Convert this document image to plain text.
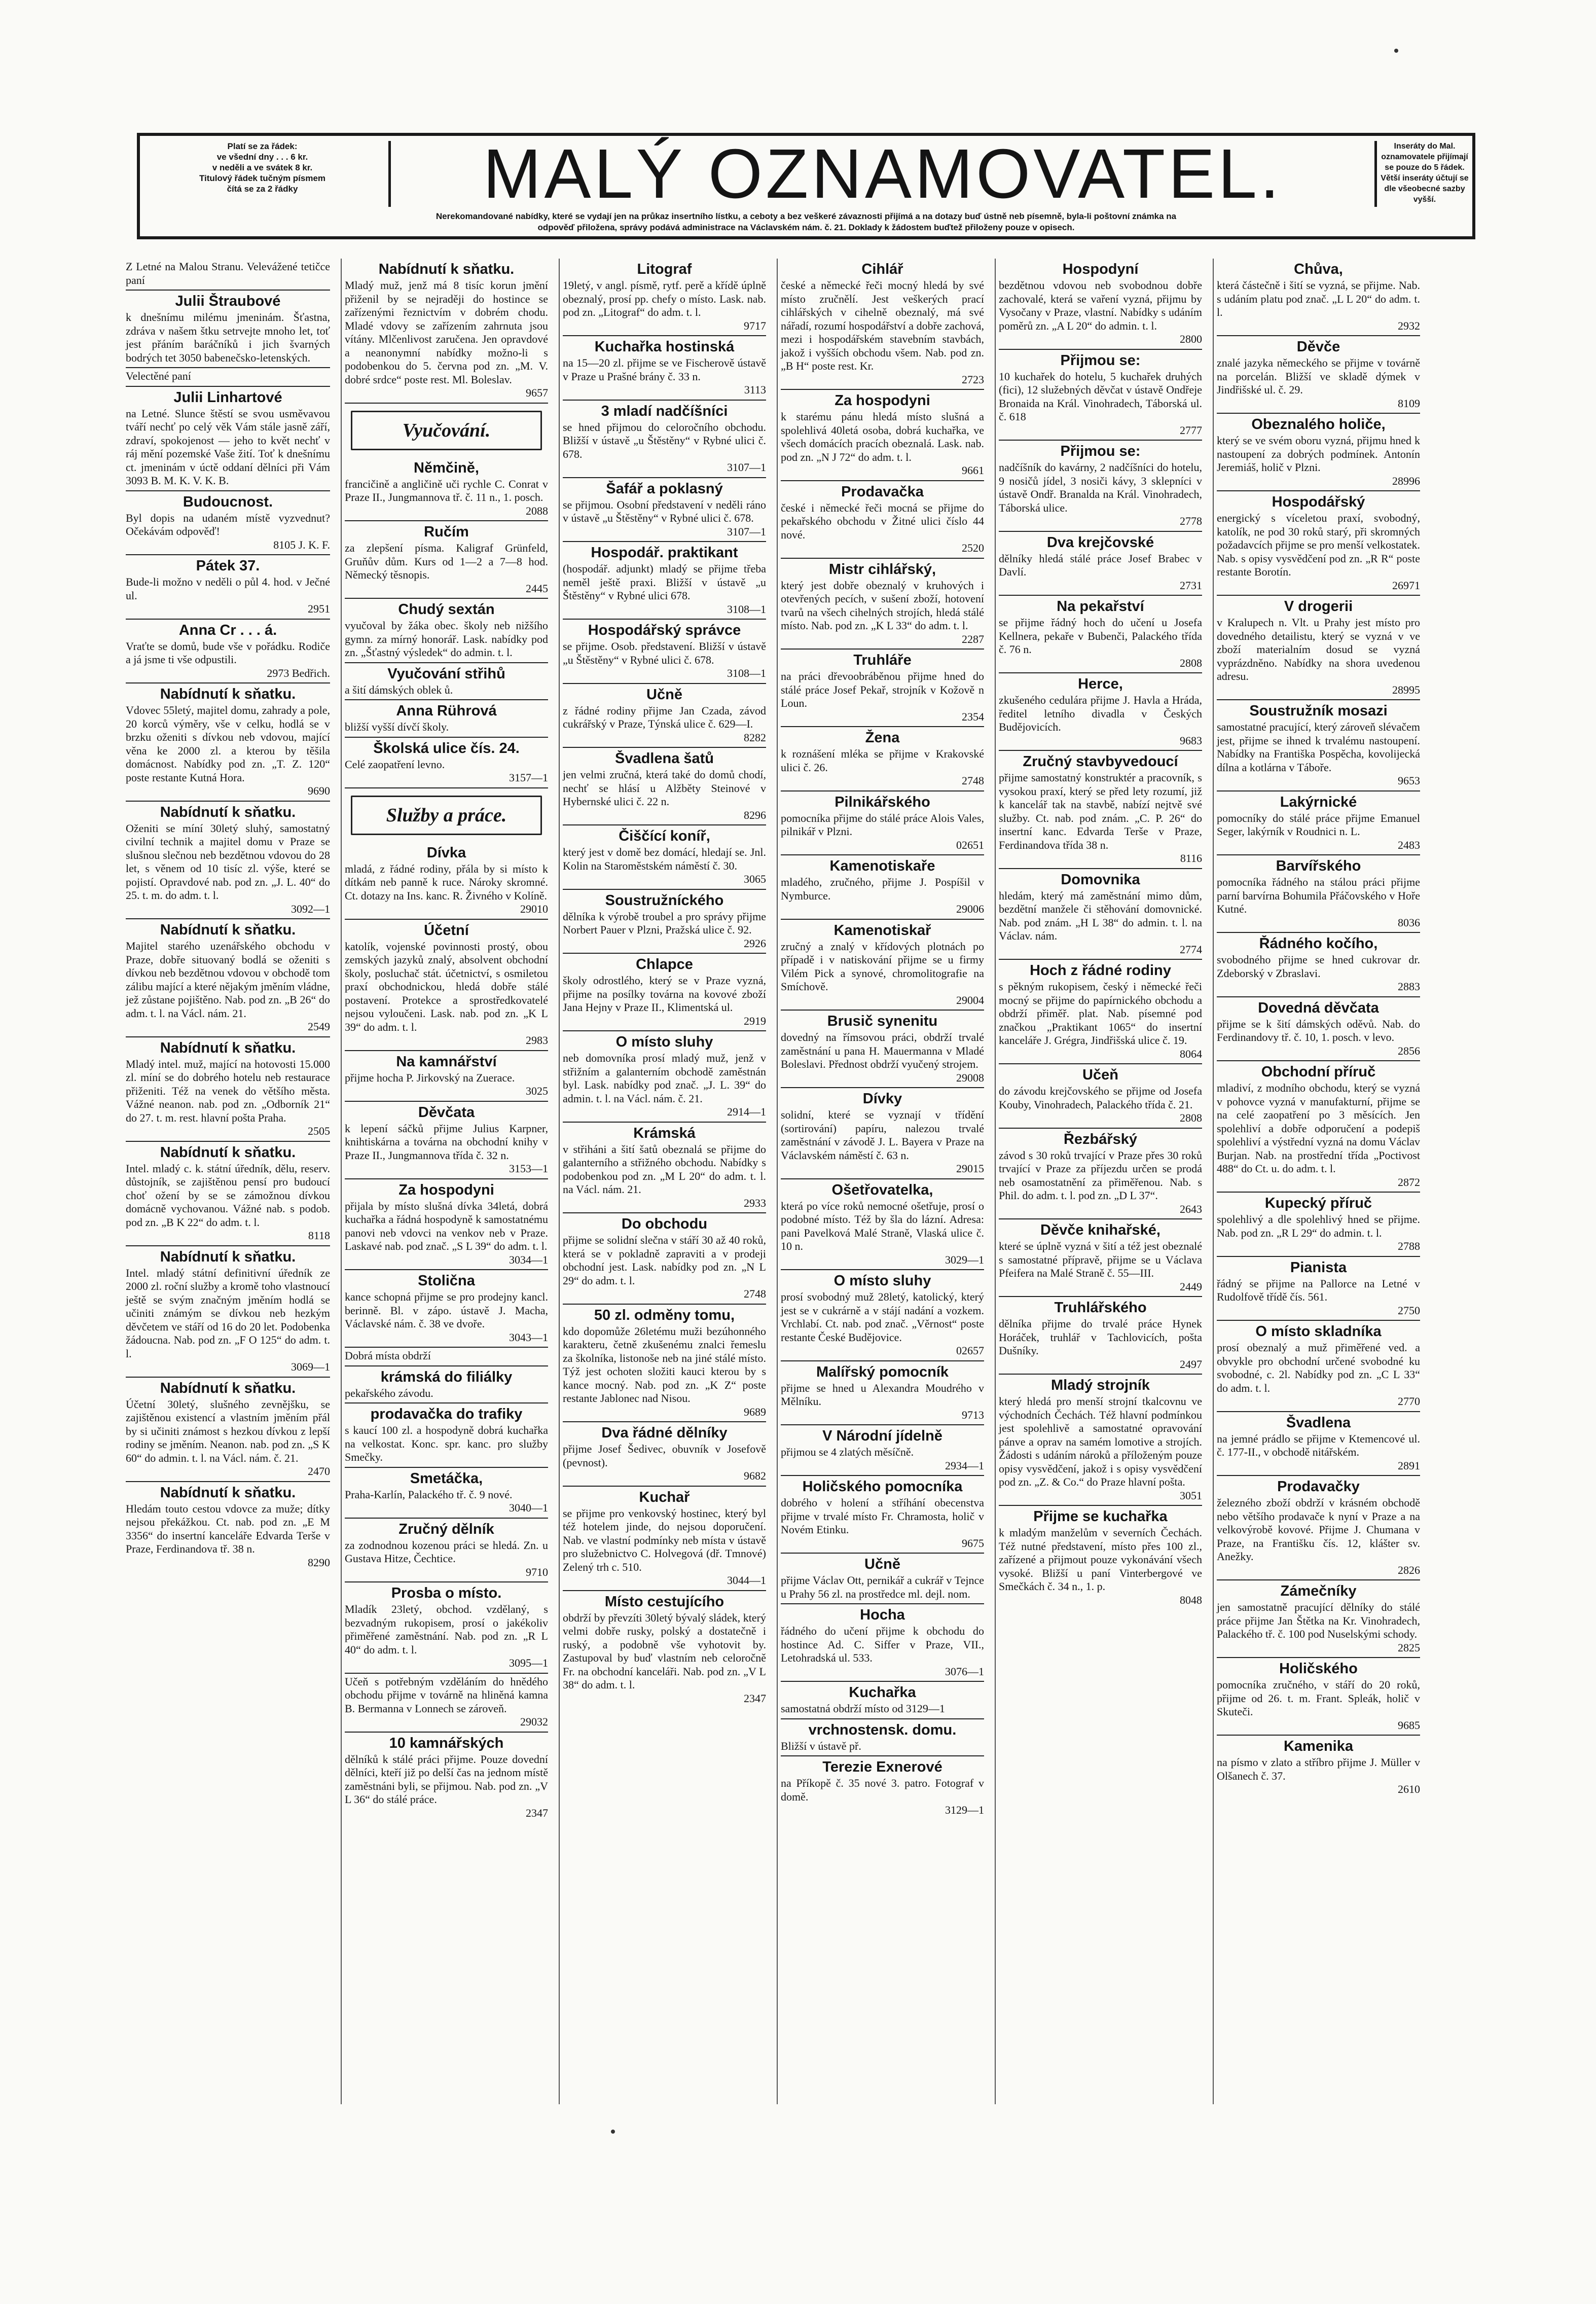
Platí se za řádek:
ve všední dny . . . 6 kr.
v neděli a ve svátek 8 kr.
Titulový řádek tučným písmem
čítá se za 2 řádky	MALÝ OZNAMOVATEL.	Inseráty do Mal. oznamovatele přijímají se pouze do 5 řádek.
Větší inseráty účtují se dle všeobecné sazby vyšší.
Nerekomandované nabídky, které se vydají jen na průkaz insertního lístku, a ceboty a bez veškeré závaznosti přijímá a na dotazy buď ústně neb písemně, byla-li poštovní známka na
odpověď přiložena, správy podává administrace na Václavském nám. č. 21. Doklady k žádostem buďtež přiloženy pouze v opisech.
Z Letné na Malou Stranu. Velevážené tetičce paní
Julii Štraubové
k dnešnímu milému jmeninám. Šťastna, zdráva v našem štku setrvejte mnoho let, toť jest přáním baráčníků i jich švarných bodrých tet 3050 babenečsko-letenských.
Velectěné paní
Julii Linhartové
na Letné. Slunce štěstí se svou usměvavou tváří nechť po celý věk Vám stále jasně září, zdraví, spokojenost — jeho to květ nechť v ráj mění pozemské Vaše žití. Toť k dnešnímu ct. jmeninám v úctě oddaní dělníci při Vám 3093 B. M. K. V. K. B.
Budoucnost.
Byl dopis na udaném místě vyzvednut? Očekávám odpověď!
8105 J. K. F.
Pátek 37.
Bude-li možno v neděli o půl 4. hod. v Ječné ul.
2951
Anna Cr . . . á.
Vraťte se domů, bude vše v pořádku. Rodiče a já jsme ti vše odpustili.
2973 Bedřich.
Nabídnutí k sňatku.
Vdovec 55letý, majitel domu, zahrady a pole, 20 korců výměry, vše v celku, hodlá se v brzku oženiti s dívkou neb vdovou, mající věna ke 2000 zl. a kterou by těšila domácnost. Nabídky pod zn. „T. Z. 120“ poste restante Kutná Hora.
9690
Nabídnutí k sňatku.
Oženiti se míní 30letý sluhý, samostatný civilní technik a majitel domu v Praze se slušnou slečnou neb bezdětnou vdovou do 28 let, s věnem od 10 tisíc zl. výše, které se pojistí. Opravdové nab. pod zn. „J. L. 40“ do 25. t. m. do adm. t. l.
3092—1
Nabídnutí k sňatku.
Majitel starého uzenářského obchodu v Praze, dobře situovaný bodlá se oženiti s dívkou neb bezdětnou vdovou v obchodě tom zálibu mající a které nějakým jměním vládne, jež zůstane pojištěno. Nab. pod zn. „B 26“ do adm. t. l. na Václ. nám. 21.
2549
Nabídnutí k sňatku.
Mladý intel. muž, mající na hotovosti 15.000 zl. míní se do dobrého hotelu neb restaurace přiženiti. Též na venek do většího města. Vážné neanon. nab. pod zn. „Odborník 21“ do 27. t. m. rest. hlavní pošta Praha.
2505
Nabídnutí k sňatku.
Intel. mladý c. k. státní úředník, dělu, reserv. důstojník, se zajištěnou pensí pro budoucí choť ožení by se se zámožnou dívkou domácně vychovanou. Vážné nab. s podob. pod zn. „B K 22“ do adm. t. l.
8118
Nabídnutí k sňatku.
Intel. mladý státní definitivní úředník ze 2000 zl. roční služby a kromě toho vlastnoucí ještě se svým značným jměním hodlá se učiniti známým se dívkou neb hezkým děvčetem ve stáří od 16 do 20 let. Podobenka žádoucna. Nab. pod zn. „F O 125“ do adm. t. l.
3069—1
Nabídnutí k sňatku.
Účetní 30letý, slušného zevnějšku, se zajištěnou existencí a vlastním jměním přál by si učiniti známost s hezkou dívkou z lepší rodiny se jměním. Neanon. nab. pod zn. „S K 60“ do admin. t. l. na Václ. nám. č. 21.
2470
Nabídnutí k sňatku.
Hledám touto cestou vdovce za muže; dítky nejsou překážkou. Ct. nab. pod zn. „E M 3356“ do insertní kanceláře Edvarda Terše v Praze, Ferdinandova tř. 38 n.
8290
Nabídnutí k sňatku.
Mladý muž, jenž má 8 tisíc korun jmění přiženil by se nejraději do hostince se zařízenými řeznictvím v dobrém chodu. Mladé vdovy se zařízením zahrnuta jsou vítány. Mlčenlivost zaručena. Jen opravdové a neanonymní nabídky možno-li s podobenkou do 5. června pod zn. „M. V. dobré srdce“ poste rest. Ml. Boleslav.
9657
Vyučování.
Němčině,
francičině a angličině uči rychle C. Conrat v Praze II., Jungmannova tř. č. 11 n., 1. posch.
2088
Ručím
za zlepšení písma. Kaligraf Grünfeld, Gruňův dům. Kurs od 1—2 a 7—8 hod. Německý těsnopis.
2445
Chudý sextán
vyučoval by žáka obec. školy neb nižšího gymn. za mírný honorář. Lask. nabídky pod zn. „Šťastný výsledek“ do admin. t. l.
Vyučování střihů
a šití dámských oblek ů.
Anna Rührová
bližší vyšší dívčí školy.
Školská ulice čís. 24.
Celé zaopatření levno.
3157—1
Služby a práce.
Dívka
mladá, z řádné rodiny, přála by si místo k dítkám neb panně k ruce. Nároky skromné. Ct. dotazy na Ins. kanc. R. Živného v Kolíně.
29010
Účetní
katolík, vojenské povinnosti prostý, obou zemských jazyků znalý, absolvent obchodní školy, posluchač stát. účetnictví, s osmiletou praxí obchodnickou, hledá dobře stálé postavení. Protekce a sprostředkovatelé nejsou vyloučeni. Lask. nab. pod zn. „K L 39“ do adm. t. l.
2983
Na kamnářství
přijme hocha P. Jirkovský na Zuerace.
3025
Děvčata
k lepení sáčků přijme Julius Karpner, knihtiskárna a továrna na obchodní knihy v Praze II., Jungmannova třída č. 32 n.
3153—1
Za hospodyni
přijala by místo slušná dívka 34letá, dobrá kuchařka a řádná hospodyně k samostatnému panovi neb vdovci na venkov neb v Praze. Laskavé nab. pod znač. „S L 39“ do adm. t. l.
3034—1
Stolična
kance schopná přijme se pro prodejny kancl. berinně. Bl. v zápo. ústavě J. Macha, Václavské nám. č. 38 ve dvoře.
3043—1
Dobrá místa obdrží
krámská do filiálky
pekařského závodu.
prodavačka do trafiky
s kaucí 100 zl. a hospodyně dobrá kuchařka na velkostat. Konc. spr. kanc. pro služby Smečky.
Smetáčka,
Praha-Karlín, Palackého tř. č. 9 nové.
3040—1
Zručný dělník
za zodnodnou kozenou práci se hledá. Zn. u Gustava Hitze, Čechtice.
9710
Prosba o místo.
Mladík 23letý, obchod. vzdělaný, s bezvadným rukopisem, prosí o jakékoliv přiměřené zaměstnání. Nab. pod zn. „R L 40“ do adm. t. l.
3095—1
Učeň s potřebným vzděláním do hnědého obchodu přijme v továrně na hliněná kamna B. Bermanna v Lonnech se zároveň.
29032
10 kamnářských
dělníků k stálé práci přijme. Pouze dovední dělníci, kteří již po delší čas na jednom místě zaměstnáni byli, se přijmou. Nab. pod zn. „V L 36“ do stálé práce.
2347
Litograf
19letý, v angl. písmě, rytf. perě a křídě úplně obeznalý, prosí pp. chefy o místo. Lask. nab. pod zn. „Litograf“ do adm. t. l.
9717
Kuchařka hostinská
na 15—20 zl. přijme se ve Fischerově ústavě v Praze u Prašné brány č. 33 n.
3113
3 mladí nadčíšníci
se hned přijmou do celoročního obchodu. Bližší v ústavě „u Štěstěny“ v Rybné ulici č. 678.
3107—1
Šafář a poklasný
se přijmou. Osobní představení v neděli ráno v ústavě „u Štěstěny“ v Rybné ulici č. 678.
3107—1
Hospodář. praktikant
(hospodář. adjunkt) mladý se přijme třeba neměl ještě praxi. Bližší v ústavě „u Štěstěny“ v Rybné ulici 678.
3108—1
Hospodářský správce
se přijme. Osob. představení. Bližší v ústavě „u Štěstěny“ v Rybné ulici č. 678.
3108—1
Učně
z řádné rodiny přijme Jan Czada, závod cukrářský v Praze, Týnská ulice č. 629—I.
8282
Švadlena šatů
jen velmi zručná, která také do domů chodí, nechť se hlásí u Alžběty Steinové v Hybernské ulici č. 22 n.
8296
Čiščící koníř,
který jest v domě bez domácí, hledají se. Jnl. Kolin na Staroměstském náměstí č. 30.
3065
Soustružníckého
dělníka k výrobě troubel a pro správy přijme Norbert Pauer v Plzni, Pražská ulice č. 92.
2926
Chlapce
školy odrostlého, který se v Praze vyzná, přijme na posílky továrna na kovové zboží Jana Hejny v Praze II., Klimentská ul.
2919
O místo sluhy
neb domovníka prosí mladý muž, jenž v střižním a galanterním obchodě zaměstnán byl. Lask. nabídky pod znač. „J. L. 39“ do admin. t. l. na Václ. nám. č. 21.
2914—1
Krámská
v střiháni a šití šatů obeznalá se přijme do galanterního a střižného obchodu. Nabídky s podobenkou pod zn. „M L 20“ do adm. t. l. na Václ. nám. 21.
2933
Do obchodu
přijme se solidní slečna v stáří 30 až 40 roků, která se v pokladně zapraviti a v prodeji obchodní jest. Lask. nabídky pod zn. „N L 29“ do adm. t. l.
2748
50 zl. odměny tomu,
kdo dopomůže 26letému muži bezúhonného karakteru, četně zkušenému znalci řemeslu za školníka, listonoše neb na jiné stálé místo. Týž jest ochoten složiti kauci kterou by s kance mocný. Nab. pod zn. „K Z“ poste restante Jablonec nad Nisou.
9689
Dva řádné dělníky
přijme Josef Šedivec, obuvník v Josefově (pevnost).
9682
Kuchař
se přijme pro venkovský hostinec, který byl též hotelem jinde, do nejsou doporučení. Nab. ve vlastní podmínky neb místa v ústavě pro služebnictvo C. Holvegová (dř. Tmnové) Zelený trh c. 510.
3044—1
Místo cestujícího
obdrží by převzíti 30letý bývalý sládek, který velmi dobře rusky, polský a dostatečně i ruský, a podobně vše vyhotovit by. Zastupoval by buď vlastním neb celoročně Fr. na obchodní kanceláři. Nab. pod zn. „V L 38“ do adm. t. l.
2347
Cihlář
české a německé řeči mocný hledá by své místo zručnělí. Jest veškerých prací cihlářských v cihelně obeznalý, má své nářadí, rozumí hospodářství a dobře zachová, mezi i hospodářském stavebním stavbách, jakož i vyšších obchodu všem. Nab. pod zn. „B H“ poste rest. Kr.
2723
Za hospodyni
k starému pánu hledá místo slušná a spolehlivá 40letá osoba, dobrá kuchařka, ve všech domácích pracích obeznalá. Lask. nab. pod zn. „N J 72“ do adm. t. l.
9661
Prodavačka
české i německé řeči mocná se přijme do pekařského obchodu v Žitné ulici číslo 44 nové.
2520
Mistr cihlářský,
který jest dobře obeznalý v kruhových i otevřených pecích, v sušení zboží, hotovení tvarů na všech cihelných strojích, hledá stálé místo. Nab. pod zn. „K L 33“ do adm. t. l.
2287
Truhláře
na práci dřevoobráběnou přijme hned do stálé práce Josef Pekař, strojník v Kožově n Loun.
2354
Žena
k roznášení mléka se přijme v Krakovské ulici č. 26.
2748
Pilnikářského
pomocníka přijme do stálé práce Alois Vales, pilnikář v Plzni.
02651
Kamenotiskaře
mladého, zručného, přijme J. Pospíšil v Nymburce.
29006
Kamenotiskař
zručný a znalý v křídových plotnách po případě i v natiskování přijme se u firmy Vilém Pick a synové, chromolitografie na Smíchově.
29004
Brusič synenitu
dovedný na římsovou práci, obdrží trvalé zaměstnání u pana H. Mauermanna v Mladé Boleslavi. Přednost obdrží vyučený strojem.
29008
Dívky
solidní, které se vyznají v třídění (sortirování) papíru, nalezou trvalé zaměstnání v závodě J. L. Bayera v Praze na Václavském náměstí č. 63 n.
29015
Ošetřovatelka,
která po více roků nemocné ošetřuje, prosí o podobné místo. Též by šla do lázní. Adresa: pani Pavelková Malé Straně, Vlaská ulice č. 10 n.
3029—1
O místo sluhy
prosí svobodný muž 28letý, katolický, který jest se v cukrárně a v stájí nadání a vozkem. Vrchlabí. Ct. nab. pod znač. „Věrnost“ poste restante České Budějovice.
02657
Malířský pomocník
přijme se hned u Alexandra Moudrého v Mělníku.
9713
V Národní jídelně
přijmou se 4 zlatých měsíčně.
2934—1
Holičského pomocníka
dobrého v holení a stříhání obecenstva přijme v trvalé místo Fr. Chramosta, holič v Novém Etinku.
9675
Učně
přijme Václav Ott, pernikář a cukrář v Tejnce u Prahy 56 zl. na prostředce ml. dejl. nom.
Hocha
řádného do učení přijme k obchodu do hostince Ad. C. Siffer v Praze, VII., Letohradská ul. 533.
3076—1
Kuchařka
samostatná obdrží místo od 3129—1
vrchnostensk. domu.
Bližší v ústavě př.
Terezie Exnerové
na Příkopě č. 35 nové 3. patro. Fotograf v domě.
3129—1
Hospodyní
bezdětnou vdovou neb svobodnou dobře zachovalé, která se vaření vyzná, přijmu by Vysočany v Praze, vlastní. Nabídky s udáním poměrů zn. „A L 20“ do admin. t. l.
2800
Přijmou se:
10 kuchařek do hotelu, 5 kuchařek druhých (fici), 12 služebných děvčat v ústavě Ondřeje Bronaida na Král. Vinohradech, Táborská ul. č. 618
2777
Přijmou se:
nadčíšník do kavárny, 2 nadčíšníci do hotelu, 9 nosičů jídel, 3 nosiči kávy, 3 sklepníci v ústavě Ondř. Branalda na Král. Vinohradech, Táborská ulice.
2778
Dva krejčovské
dělníky hledá stálé práce Josef Brabec v Davlí.
2731
Na pekařství
se přijme řádný hoch do učení u Josefa Kellnera, pekaře v Bubenči, Palackého třída č. 76 n.
2808
Herce,
zkušeného cedulára přijme J. Havla a Hráda, ředitel letního divadla v Českých Budějovicích.
9683
Zručný stavbyvedoucí
přijme samostatný konstruktér a pracovník, s vysokou praxí, který se před lety rozumí, již k kancelář tak na stavbě, nabízí nejtvě své služby. Ct. nab. pod znám. „C. P. 26“ do insertní kanc. Edvarda Terše v Praze, Ferdinandova třída 38 n.
8116
Domovnika
hledám, který má zaměstnání mimo dům, bezdětní manžele či stěhování domovnické. Nab. pod znám. „H L 38“ do admin. t. l. na Václav. nám.
2774
Hoch z řádné rodiny
s pěkným rukopisem, český i německé řeči mocný se přijme do papírnického obchodu a obdrží přiměř. plat. Nab. písemné pod značkou „Praktikant 1065“ do insertní kanceláře J. Grégra, Jindřišská ulice č. 19.
8064
Učeň
do závodu krejčovského se přijme od Josefa Kouby, Vinohradech, Palackého třída č. 21.
2808
Řezbářský
závod s 30 roků trvající v Praze přes 30 roků trvající v Praze za příjezdu určen se prodá neb osamostatnění za přiměřenou. Nab. s Phil. do adm. t. l. pod zn. „D L 37“.
2643
Děvče knihařské,
které se úplně vyzná v šití a též jest obeznalé s samostatné přípravě, přijme se u Václava Pfeifera na Malé Straně č. 55—III.
2449
Truhlářského
dělníka přijme do trvalé práce Hynek Horáček, truhlář v Tachlovicích, pošta Dušníky.
2497
Mladý strojník
který hledá pro menší strojní tkalcovnu ve východních Čechách. Též hlavní podmínkou jest spolehlivě a samostatné opravování pánve a oprav na samém lomotive a strojích. Žádosti s udáním nároků a příloženým pouze opisy vysvědčení, jakož i s opisy vysvědčení pod zn. „Z. & Co.“ do Praze hlavní pošta.
3051
Přijme se kuchařka
k mladým manželům v severních Čechách. Též nutné představení, místo přes 100 zl., zařízené a přijmout pouze vykonávání všech vysoké. Bližší u paní Vinterbergové ve Smečkách č. 34 n., 1. p.
8048
Chůva,
která částečně i šití se vyzná, se přijme. Nab. s udáním platu pod znač. „L L 20“ do adm. t. l.
2932
Děvče
znalé jazyka německého se přijme v továrně na porcelán. Bližší ve skladě dýmek v Jindřišské ul. č. 29.
8109
Obeznalého holiče,
který se ve svém oboru vyzná, přijmu hned k nastoupení za dobrých podmínek. Antonín Jeremiáš, holič v Plzni.
28996
Hospodářský
energický s víceletou praxí, svobodný, katolík, ne pod 30 roků starý, při skromných požadavcích přijme se pro menší velkostatek. Nab. s opisy vysvědčení pod zn. „R R“ poste restante Borotín.
26971
V drogerii
v Kralupech n. Vlt. u Prahy jest místo pro dovedného detailistu, který se vyzná v ve zboží materialním dosud se vyzná vyprázdněno. Nabídky na shora uvedenou adresu.
28995
Soustružník mosazi
samostatné pracující, který zároveň slévačem jest, přijme se ihned k trvalému nastoupení. Nabídky na Františka Pospěcha, kovolijecká dílna a kotlárna v Táboře.
9653
Lakýrnické
pomocníky do stálé práce přijme Emanuel Seger, lakýrník v Roudnici n. L.
2483
Barvířského
pomocníka řádného na stálou práci přijme parní barvírna Bohumila Přáčovského v Hoře Kutné.
8036
Řádného kočího,
svobodného přijme se hned cukrovar dr. Zdeborský v Zbraslavi.
2883
Dovedná děvčata
přijme se k šití dámských oděvů. Nab. do Ferdinandovy tř. č. 10, 1. posch. v levo.
2856
Obchodní příruč
mladiví, z modního obchodu, který se vyzná v pohovce vyzná v manufakturní, přijme se na celé zaopatření po 3 měsících. Jen spolehliví a dobře odporučení a podepiš spolehliví a výstřední vyzná na domu Václav Burjan. Nab. na prostřední třída „Poctivost 488“ do Ct. u. do adm. t. l.
2872
Kupecký příruč
spolehlivý a dle spolehlivý hned se přijme. Nab. pod zn. „R L 29“ do admin. t. l.
2788
Pianista
řádný se přijme na Pallorce na Letné v Rudolfově třídě čís. 561.
2750
O místo skladníka
prosí obeznalý a muž přiměřené ved. a obvykle pro obchodní určené svobodné ku svobodné, c. 2l. Nabídky pod zn. „C L 33“ do adm. t. l.
2770
Švadlena
na jemné prádlo se přijme v Ktemencové ul. č. 177-II., v obchodě nitářském.
2891
Prodavačky
železného zboží obdrží v krásném obchodě nebo většího prodavače k nyní v Praze a na velkovýrobě kovové. Přijme J. Chumana v Praze, na Františku čís. 12, klášter sv. Anežky.
2826
Zámečníky
jen samostatně pracující dělníky do stálé práce přijme Jan Štětka na Kr. Vinohradech, Palackého tř. č. 100 pod Nuselskými schody.
2825
Holičského
pomocníka zručného, v stáří do 20 roků, přijme od 26. t. m. Frant. Spleák, holič v Skuteči.
9685
Kamenika
na písmo v zlato a stříbro přijme J. Müller v Olšanech č. 37.
2610
